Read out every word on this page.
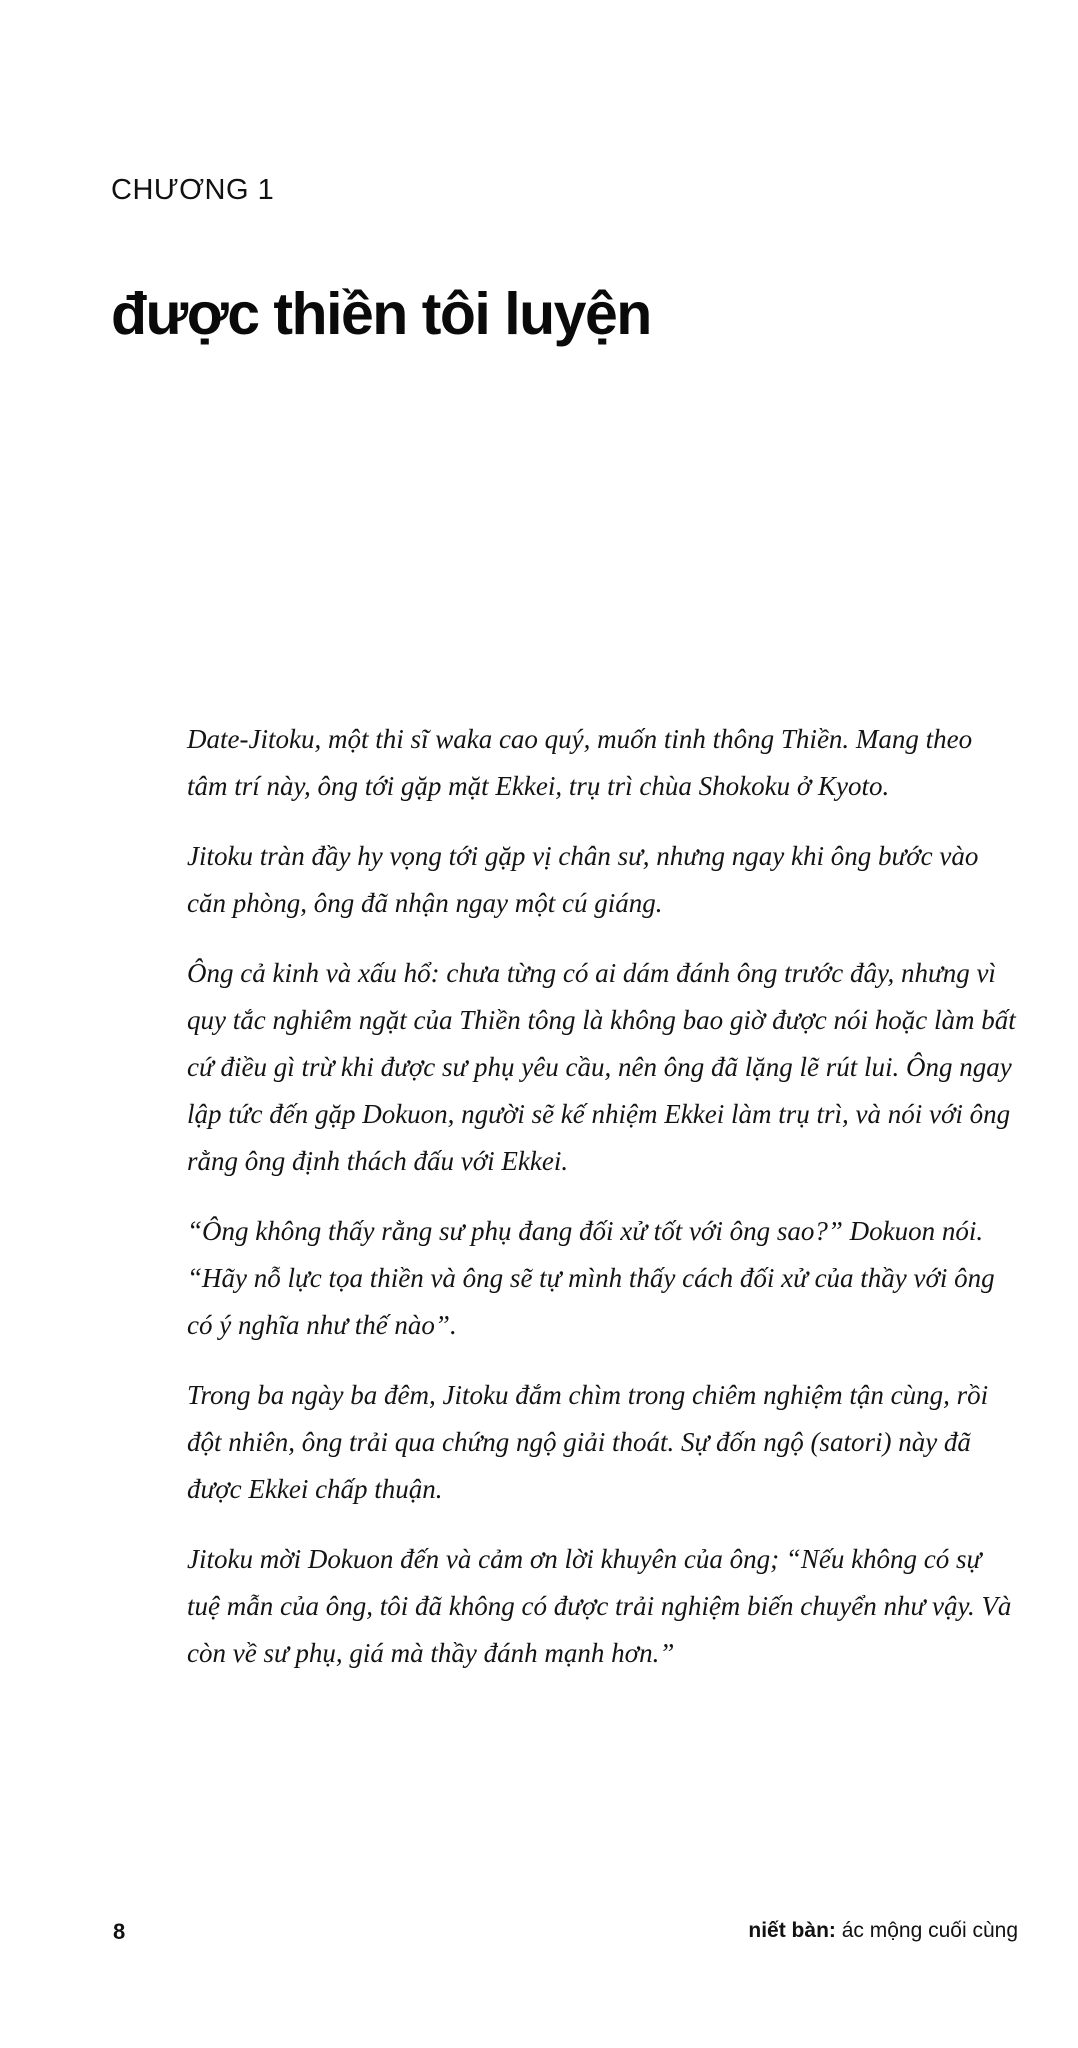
CHƯƠNG 1
được thiền tôi luyện

Date-Jitoku, một thi sĩ waka cao quý, muốn tinh thông Thiền. Mang theo tâm trí này, ông tới gặp mặt Ekkei, trụ trì chùa Shokoku ở Kyoto.

Jitoku tràn đầy hy vọng tới gặp vị chân sư, nhưng ngay khi ông bước vào căn phòng, ông đã nhận ngay một cú giáng.

Ông cả kinh và xấu hổ: chưa từng có ai dám đánh ông trước đây, nhưng vì quy tắc nghiêm ngặt của Thiền tông là không bao giờ được nói hoặc làm bất cứ điều gì trừ khi được sư phụ yêu cầu, nên ông đã lặng lẽ rút lui. Ông ngay lập tức đến gặp Dokuon, người sẽ kế nhiệm Ekkei làm trụ trì, và nói với ông rằng ông định thách đấu với Ekkei.

“Ông không thấy rằng sư phụ đang đối xử tốt với ông sao?” Dokuon nói. “Hãy nỗ lực tọa thiền và ông sẽ tự mình thấy cách đối xử của thầy với ông có ý nghĩa như thế nào”.

Trong ba ngày ba đêm, Jitoku đắm chìm trong chiêm nghiệm tận cùng, rồi đột nhiên, ông trải qua chứng ngộ giải thoát. Sự đốn ngộ (satori) này đã được Ekkei chấp thuận.

Jitoku mời Dokuon đến và cảm ơn lời khuyên của ông; “Nếu không có sự tuệ mẫn của ông, tôi đã không có được trải nghiệm biến chuyển như vậy. Và còn về sư phụ, giá mà thầy đánh mạnh hơn.”

8	niết bàn: ác mộng cuối cùng
